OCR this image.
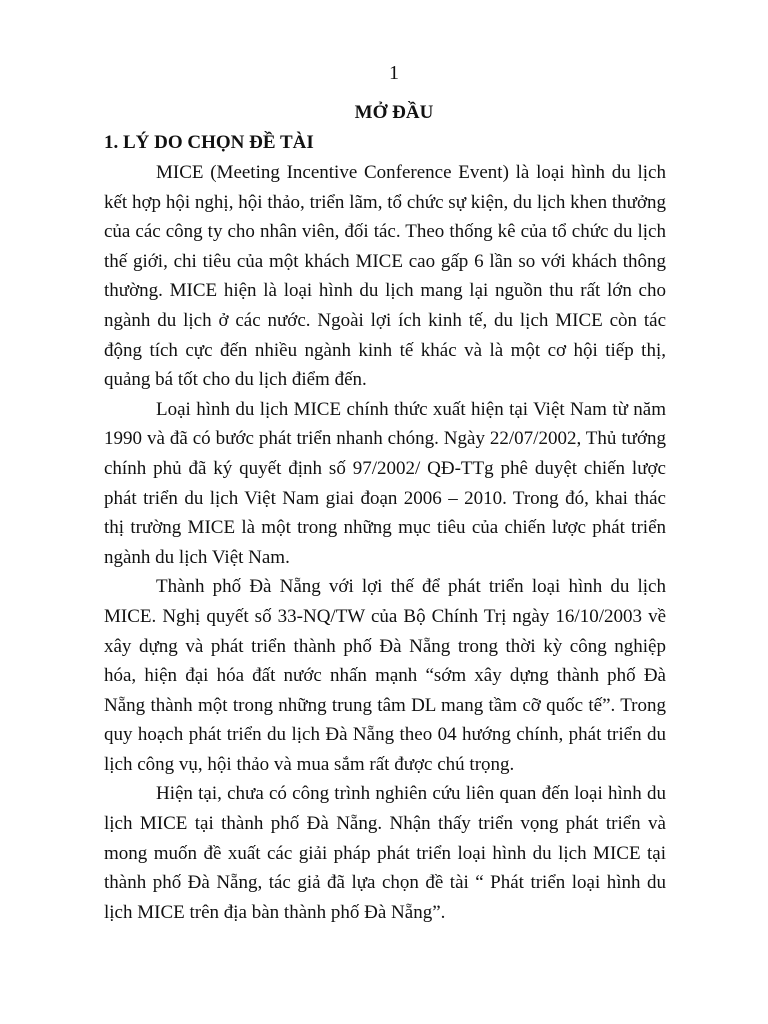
1
MỞ ĐẦU
1. LÝ DO CHỌN ĐỀ TÀI

MICE (Meeting Incentive Conference Event) là loại hình du lịch kết hợp hội nghị, hội thảo, triển lãm, tổ chức sự kiện, du lịch khen thưởng của các công ty cho nhân viên, đối tác. Theo thống kê của tổ chức du lịch thế giới, chi tiêu của một khách MICE cao gấp 6 lần so với khách thông thường. MICE hiện là loại hình du lịch mang lại nguồn thu rất lớn cho ngành du lịch ở các nước. Ngoài lợi ích kinh tế, du lịch MICE còn tác động tích cực đến nhiều ngành kinh tế khác và là một cơ hội tiếp thị, quảng bá tốt cho du lịch điểm đến.

Loại hình du lịch MICE chính thức xuất hiện tại Việt Nam từ năm 1990 và đã có bước phát triển nhanh chóng. Ngày 22/07/2002, Thủ tướng chính phủ đã ký quyết định số 97/2002/ QĐ-TTg phê duyệt chiến lược phát triển du lịch Việt Nam giai đoạn 2006 – 2010. Trong đó, khai thác thị trường MICE là một trong những mục tiêu của chiến lược phát triển ngành du lịch Việt Nam.

Thành phố Đà Nẵng với lợi thế để phát triển loại hình du lịch MICE. Nghị quyết số 33-NQ/TW của Bộ Chính Trị ngày 16/10/2003 về xây dựng và phát triển thành phố Đà Nẵng trong thời kỳ công nghiệp hóa, hiện đại hóa đất nước nhấn mạnh “sớm xây dựng thành phố Đà Nẵng thành một trong những trung tâm DL mang tầm cỡ quốc tế”. Trong quy hoạch phát triển du lịch Đà Nẵng theo 04 hướng chính, phát triển du lịch công vụ, hội thảo và mua sắm rất được chú trọng.

Hiện tại, chưa có công trình nghiên cứu liên quan đến loại hình du lịch MICE tại thành phố Đà Nẵng. Nhận thấy triển vọng phát triển và mong muốn đề xuất các giải pháp phát triển loại hình du lịch MICE tại thành phố Đà Nẵng, tác giả đã lựa chọn đề tài “ Phát triển loại hình du lịch MICE trên địa bàn thành phố Đà Nẵng”.
